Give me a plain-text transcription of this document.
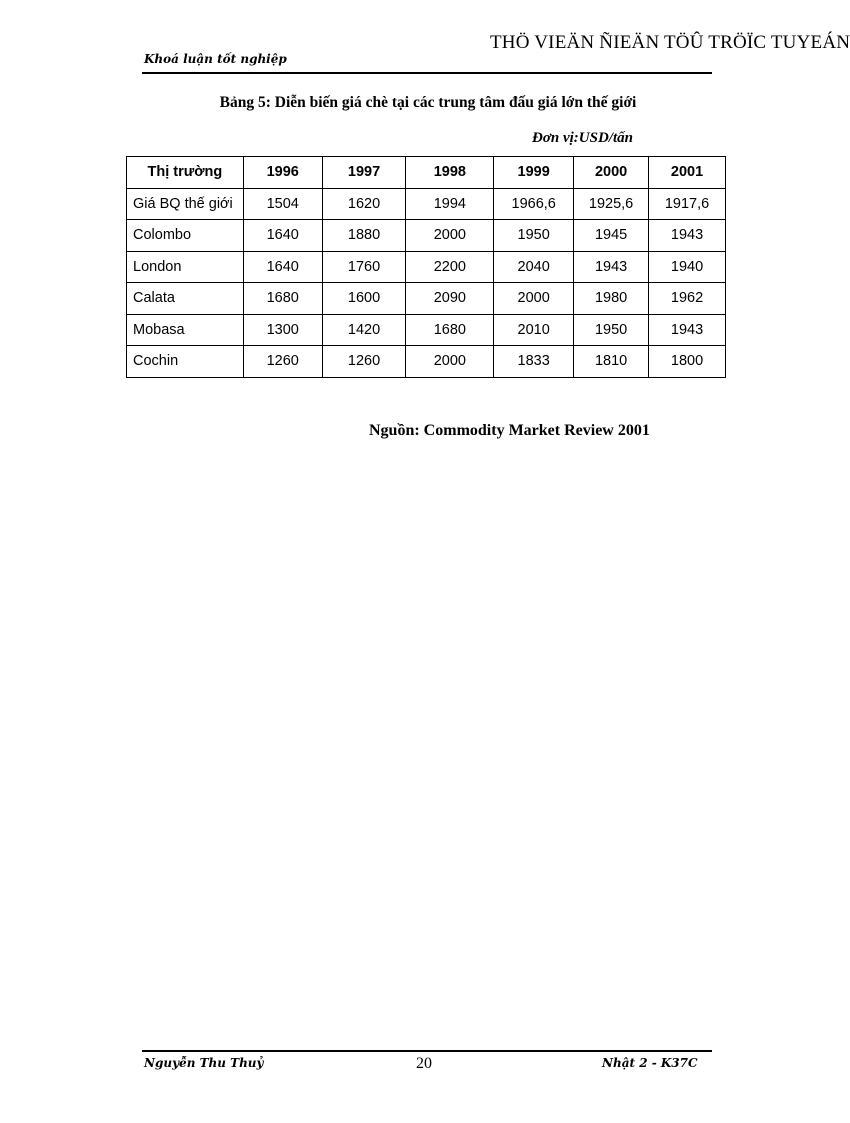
THÖ VIEÄN ÑIEÄN TÖÛ TRÖÏC TUYEÁN
Khoá luận tốt nghiệp
Bảng 5: Diễn biến giá chè tại các trung tâm đấu giá lớn thế giới
Đơn vị:USD/tấn
Thị trường	1996	1997	1998	1999	2000	2001
Giá BQ thế giới	1504	1620	1994	1966,6	1925,6	1917,6
Colombo	1640	1880	2000	1950	1945	1943
London	1640	1760	2200	2040	1943	1940
Calata	1680	1600	2090	2000	1980	1962
Mobasa	1300	1420	1680	2010	1950	1943
Cochin	1260	1260	2000	1833	1810	1800
Nguồn: Commodity Market Review 2001
Nguyễn Thu Thuỷ	20	Nhật 2 - K37C
